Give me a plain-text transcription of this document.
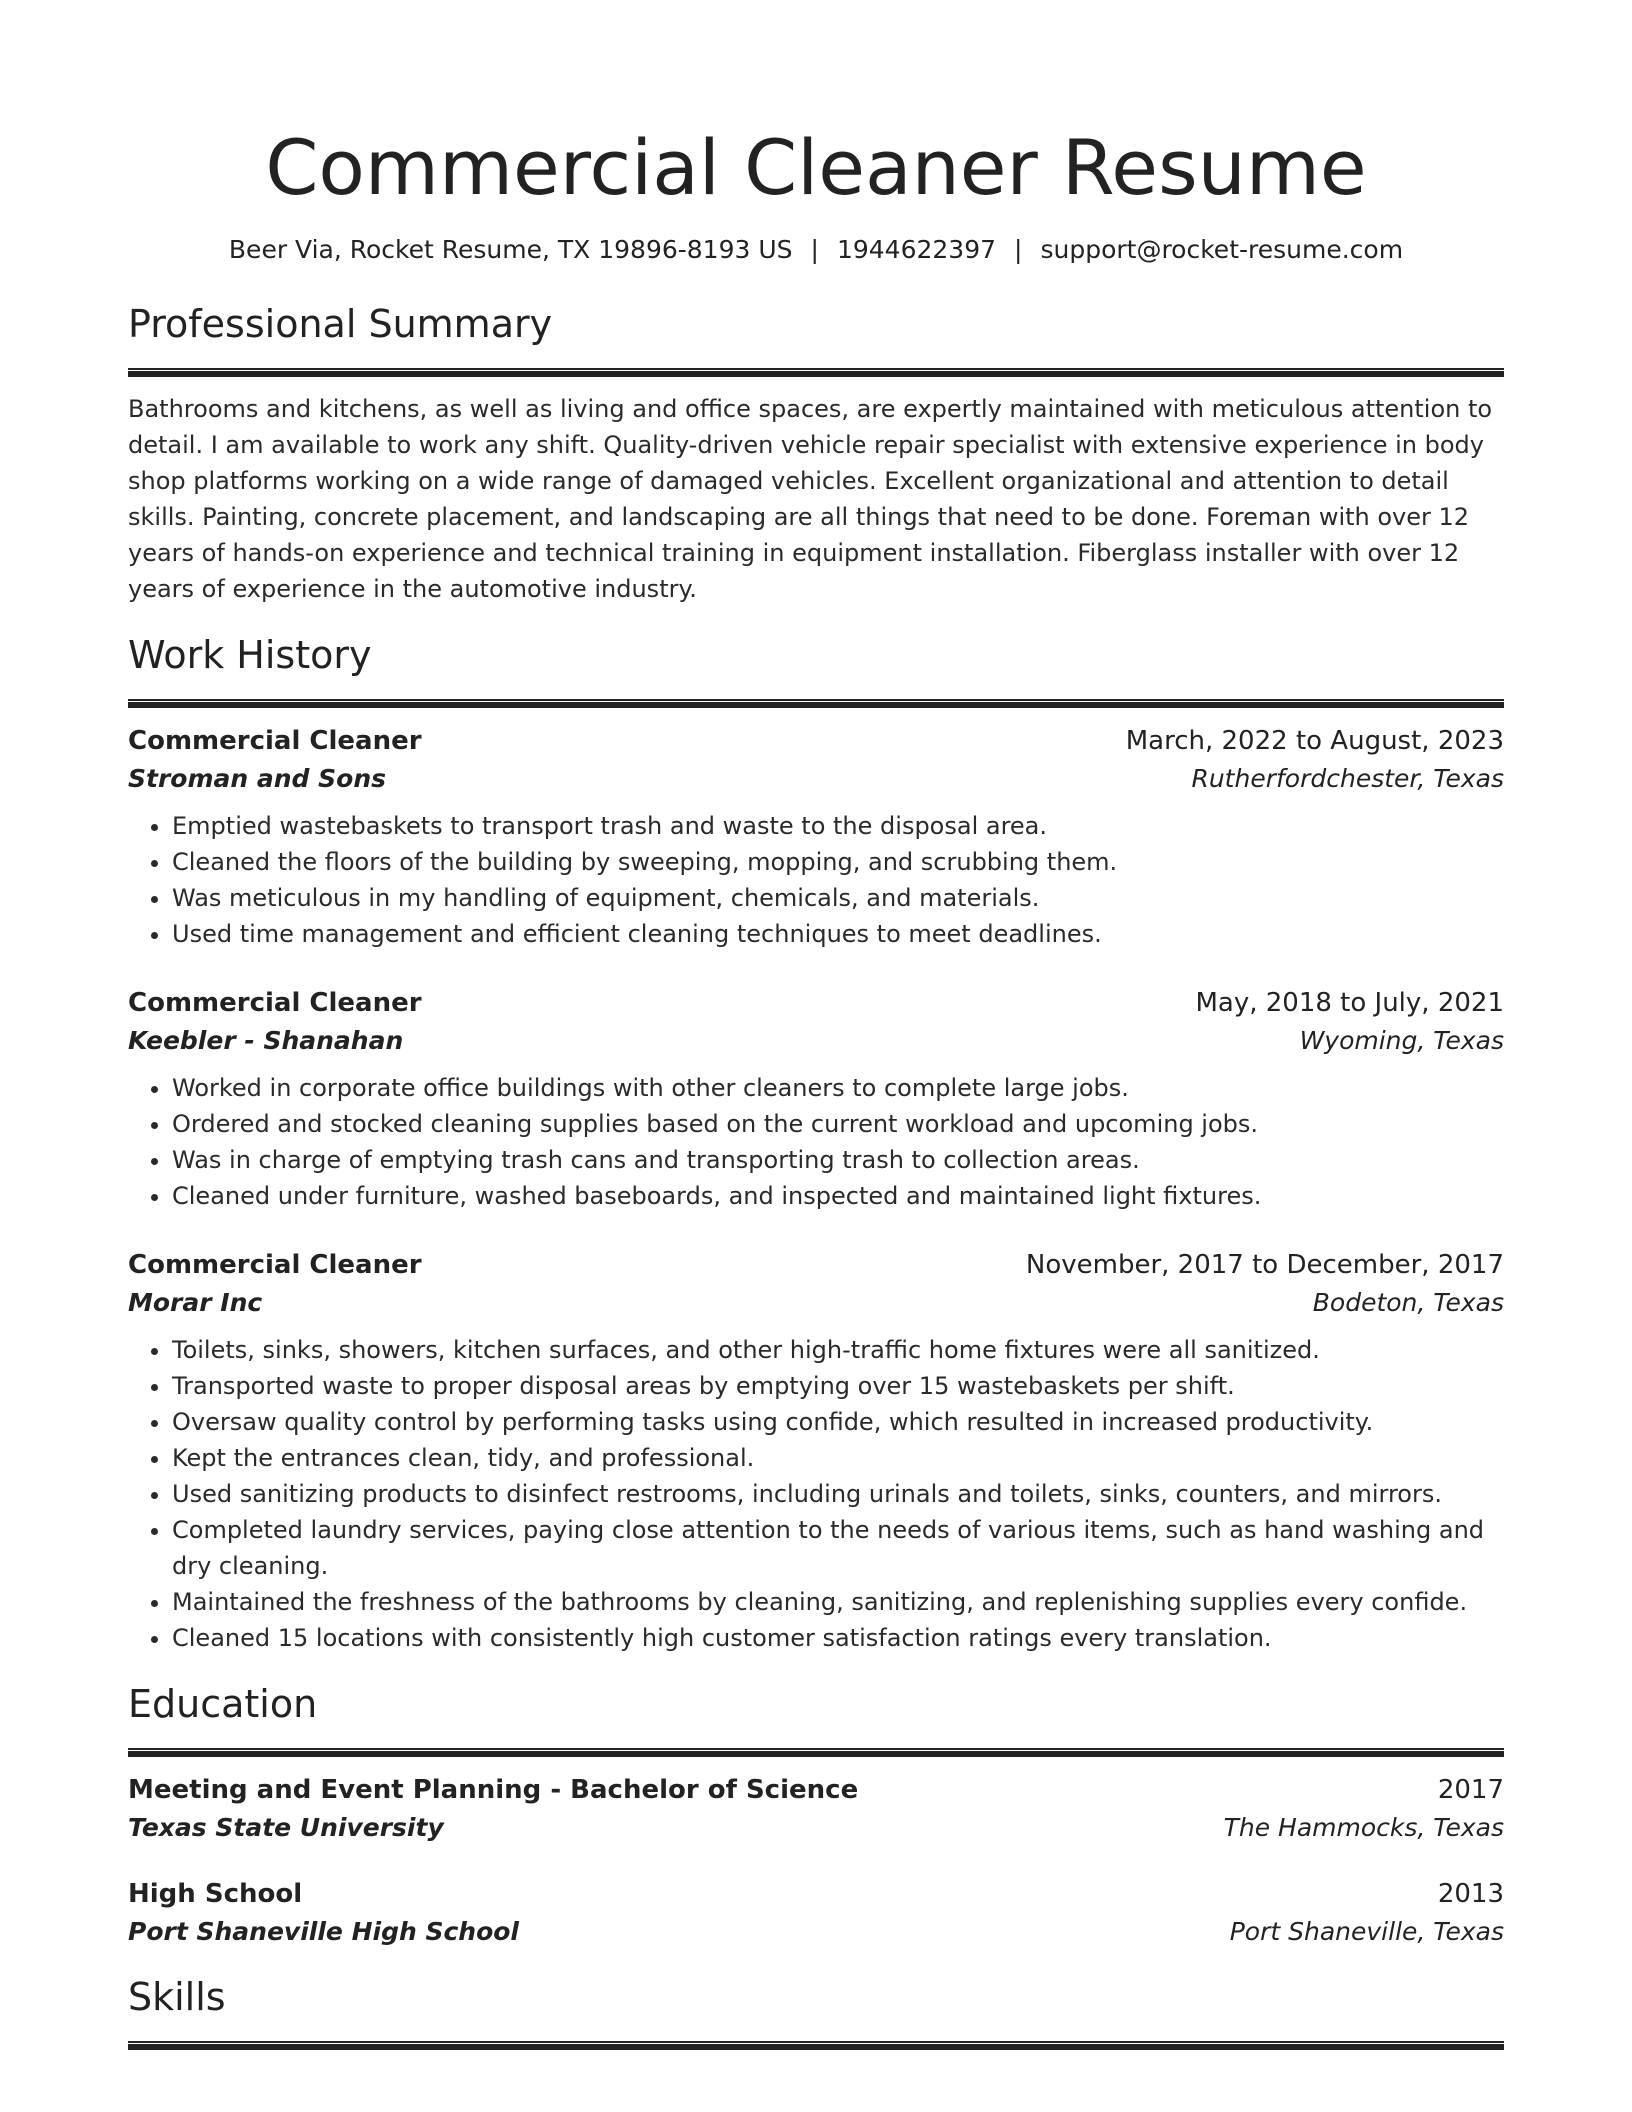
Commercial Cleaner Resume
Beer Via, Rocket Resume, TX 19896-8193 US | 1944622397 | support@rocket-resume.com
Professional Summary
Bathrooms and kitchens, as well as living and office spaces, are expertly maintained with meticulous attention to detail. I am available to work any shift. Quality-driven vehicle repair specialist with extensive experience in body shop platforms working on a wide range of damaged vehicles. Excellent organizational and attention to detail skills. Painting, concrete placement, and landscaping are all things that need to be done. Foreman with over 12 years of hands-on experience and technical training in equipment installation. Fiberglass installer with over 12 years of experience in the automotive industry.
Work History
Commercial Cleaner	March, 2022 to August, 2023
Stroman and Sons	Rutherfordchester, Texas
• Emptied wastebaskets to transport trash and waste to the disposal area.
• Cleaned the floors of the building by sweeping, mopping, and scrubbing them.
• Was meticulous in my handling of equipment, chemicals, and materials.
• Used time management and efficient cleaning techniques to meet deadlines.
Commercial Cleaner	May, 2018 to July, 2021
Keebler - Shanahan	Wyoming, Texas
• Worked in corporate office buildings with other cleaners to complete large jobs.
• Ordered and stocked cleaning supplies based on the current workload and upcoming jobs.
• Was in charge of emptying trash cans and transporting trash to collection areas.
• Cleaned under furniture, washed baseboards, and inspected and maintained light fixtures.
Commercial Cleaner	November, 2017 to December, 2017
Morar Inc	Bodeton, Texas
• Toilets, sinks, showers, kitchen surfaces, and other high-traffic home fixtures were all sanitized.
• Transported waste to proper disposal areas by emptying over 15 wastebaskets per shift.
• Oversaw quality control by performing tasks using confide, which resulted in increased productivity.
• Kept the entrances clean, tidy, and professional.
• Used sanitizing products to disinfect restrooms, including urinals and toilets, sinks, counters, and mirrors.
• Completed laundry services, paying close attention to the needs of various items, such as hand washing and dry cleaning.
• Maintained the freshness of the bathrooms by cleaning, sanitizing, and replenishing supplies every confide.
• Cleaned 15 locations with consistently high customer satisfaction ratings every translation.
Education
Meeting and Event Planning - Bachelor of Science	2017
Texas State University	The Hammocks, Texas
High School	2013
Port Shaneville High School	Port Shaneville, Texas
Skills
